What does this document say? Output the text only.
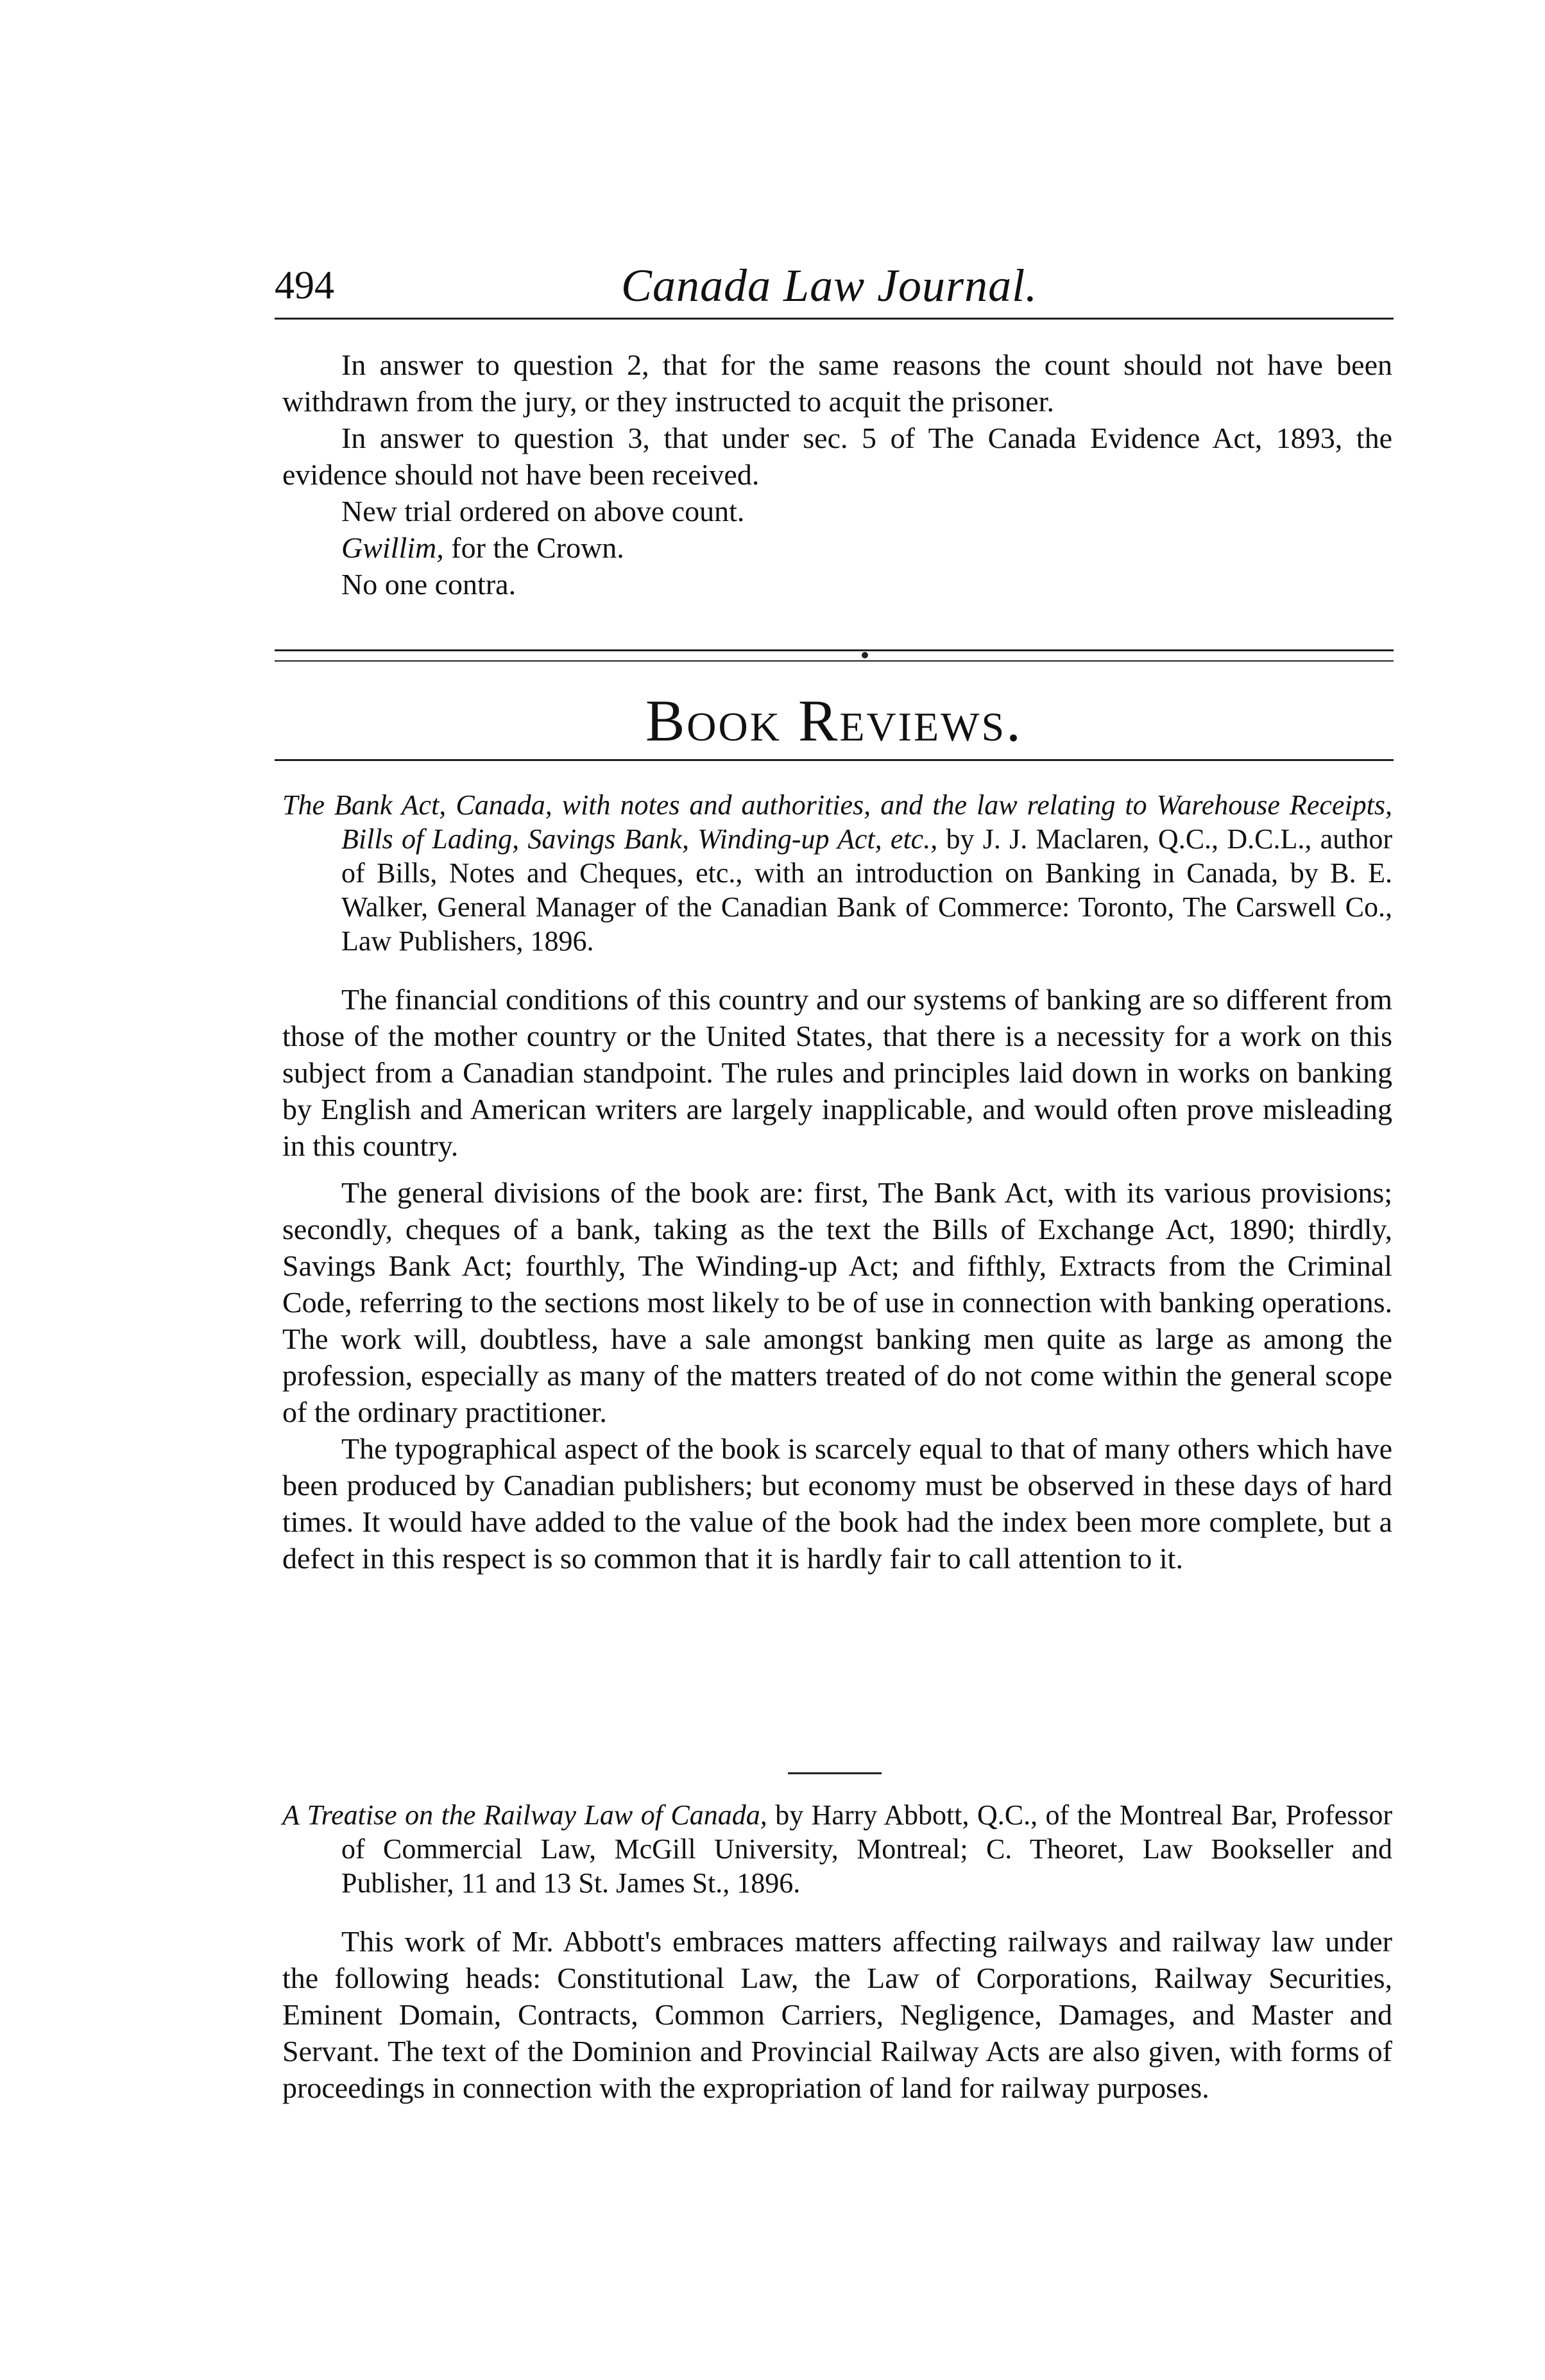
494	Canada Law Journal.

In answer to question 2, that for the same reasons the count should not have been withdrawn from the jury, or they instructed to acquit the prisoner.

In answer to question 3, that under sec. 5 of The Canada Evidence Act, 1893, the evidence should not have been received.

New trial ordered on above count.

Gwillim, for the Crown.

No one contra.

Book Reviews.

The Bank Act, Canada, with notes and authorities, and the law relating to Warehouse Receipts, Bills of Lading, Savings Bank, Winding-up Act, etc., by J. J. Maclaren, Q.C., D.C.L., author of Bills, Notes and Cheques, etc., with an introduction on Banking in Canada, by B. E. Walker, General Manager of the Canadian Bank of Commerce: Toronto, The Carswell Co., Law Publishers, 1896.

The financial conditions of this country and our systems of banking are so different from those of the mother country or the United States, that there is a necessity for a work on this subject from a Canadian standpoint. The rules and principles laid down in works on banking by English and American writers are largely inapplicable, and would often prove misleading in this country.

The general divisions of the book are: first, The Bank Act, with its various provisions; secondly, cheques of a bank, taking as the text the Bills of Exchange Act, 1890; thirdly, Savings Bank Act; fourthly, The Winding-up Act; and fifthly, Extracts from the Criminal Code, referring to the sections most likely to be of use in connection with banking operations. The work will, doubtless, have a sale amongst banking men quite as large as among the profession, especially as many of the matters treated of do not come within the general scope of the ordinary practitioner.

The typographical aspect of the book is scarcely equal to that of many others which have been produced by Canadian publishers; but economy must be observed in these days of hard times. It would have added to the value of the book had the index been more complete, but a defect in this respect is so common that it is hardly fair to call attention to it.

A Treatise on the Railway Law of Canada, by Harry Abbott, Q.C., of the Montreal Bar, Professor of Commercial Law, McGill University, Montreal; C. Theoret, Law Bookseller and Publisher, 11 and 13 St. James St., 1896.

This work of Mr. Abbott's embraces matters affecting railways and railway law under the following heads: Constitutional Law, the Law of Corporations, Railway Securities, Eminent Domain, Contracts, Common Carriers, Negligence, Damages, and Master and Servant. The text of the Dominion and Provincial Railway Acts are also given, with forms of proceedings in connection with the expropriation of land for railway purposes.
